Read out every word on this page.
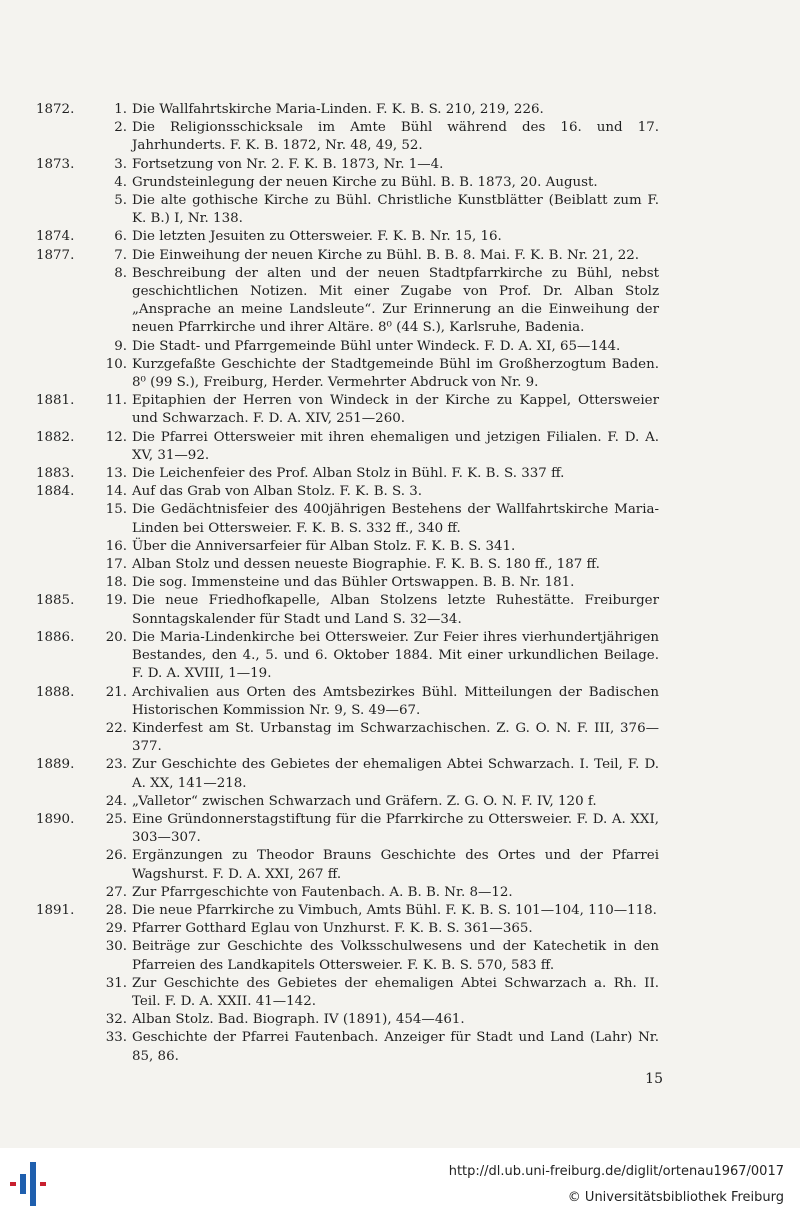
1872.	1. Die Wallfahrtskirche Maria-Linden. F. K. B. S. 210, 219, 226.
2. Die Religionsschicksale im Amte Bühl während des 16. und 17. Jahrhunderts. F. K. B. 1872, Nr. 48, 49, 52.
1873.	3. Fortsetzung von Nr. 2. F. K. B. 1873, Nr. 1—4.
4. Grundsteinlegung der neuen Kirche zu Bühl. B. B. 1873, 20. August.
5. Die alte gothische Kirche zu Bühl. Christliche Kunstblätter (Beiblatt zum F. K. B.) I, Nr. 138.
1874.	6. Die letzten Jesuiten zu Ottersweier. F. K. B. Nr. 15, 16.
1877.	7. Die Einweihung der neuen Kirche zu Bühl. B. B. 8. Mai. F. K. B. Nr. 21, 22.
8. Beschreibung der alten und der neuen Stadtpfarrkirche zu Bühl, nebst geschichtlichen Notizen. Mit einer Zugabe von Prof. Dr. Alban Stolz „Ansprache an meine Landsleute“. Zur Erinnerung an die Einweihung der neuen Pfarrkirche und ihrer Altäre. 8⁰ (44 S.), Karlsruhe, Badenia.
9. Die Stadt- und Pfarrgemeinde Bühl unter Windeck. F. D. A. XI, 65—144.
10. Kurzgefaßte Geschichte der Stadtgemeinde Bühl im Großherzogtum Baden. 8⁰ (99 S.), Freiburg, Herder. Vermehrter Abdruck von Nr. 9.
1881.	11. Epitaphien der Herren von Windeck in der Kirche zu Kappel, Ottersweier und Schwarzach. F. D. A. XIV, 251—260.
1882.	12. Die Pfarrei Ottersweier mit ihren ehemaligen und jetzigen Filialen. F. D. A. XV, 31—92.
1883.	13. Die Leichenfeier des Prof. Alban Stolz in Bühl. F. K. B. S. 337 ff.
1884.	14. Auf das Grab von Alban Stolz. F. K. B. S. 3.
15. Die Gedächtnisfeier des 400jährigen Bestehens der Wallfahrtskirche Maria-Linden bei Ottersweier. F. K. B. S. 332 ff., 340 ff.
16. Über die Anniversarfeier für Alban Stolz. F. K. B. S. 341.
17. Alban Stolz und dessen neueste Biographie. F. K. B. S. 180 ff., 187 ff.
18. Die sog. Immensteine und das Bühler Ortswappen. B. B. Nr. 181.
1885.	19. Die neue Friedhofkapelle, Alban Stolzens letzte Ruhestätte. Freiburger Sonntagskalender für Stadt und Land S. 32—34.
1886.	20. Die Maria-Lindenkirche bei Ottersweier. Zur Feier ihres vierhundertjährigen Bestandes, den 4., 5. und 6. Oktober 1884. Mit einer urkundlichen Beilage. F. D. A. XVIII, 1—19.
1888.	21. Archivalien aus Orten des Amtsbezirkes Bühl. Mitteilungen der Badischen Historischen Kommission Nr. 9, S. 49—67.
22. Kinderfest am St. Urbanstag im Schwarzachischen. Z. G. O. N. F. III, 376—377.
1889.	23. Zur Geschichte des Gebietes der ehemaligen Abtei Schwarzach. I. Teil, F. D. A. XX, 141—218.
24. „Valletor“ zwischen Schwarzach und Gräfern. Z. G. O. N. F. IV, 120 f.
1890.	25. Eine Gründonnerstagstiftung für die Pfarrkirche zu Ottersweier. F. D. A. XXI, 303—307.
26. Ergänzungen zu Theodor Brauns Geschichte des Ortes und der Pfarrei Wagshurst. F. D. A. XXI, 267 ff.
27. Zur Pfarrgeschichte von Fautenbach. A. B. B. Nr. 8—12.
1891.	28. Die neue Pfarrkirche zu Vimbuch, Amts Bühl. F. K. B. S. 101—104, 110—118.
29. Pfarrer Gotthard Eglau von Unzhurst. F. K. B. S. 361—365.
30. Beiträge zur Geschichte des Volksschulwesens und der Katechetik in den Pfarreien des Landkapitels Ottersweier. F. K. B. S. 570, 583 ff.
31. Zur Geschichte des Gebietes der ehemaligen Abtei Schwarzach a. Rh. II. Teil. F. D. A. XXII. 41—142.
32. Alban Stolz. Bad. Biograph. IV (1891), 454—461.
33. Geschichte der Pfarrei Fautenbach. Anzeiger für Stadt und Land (Lahr) Nr. 85, 86.
15
http://dl.ub.uni-freiburg.de/diglit/ortenau1967/0017
© Universitätsbibliothek Freiburg
